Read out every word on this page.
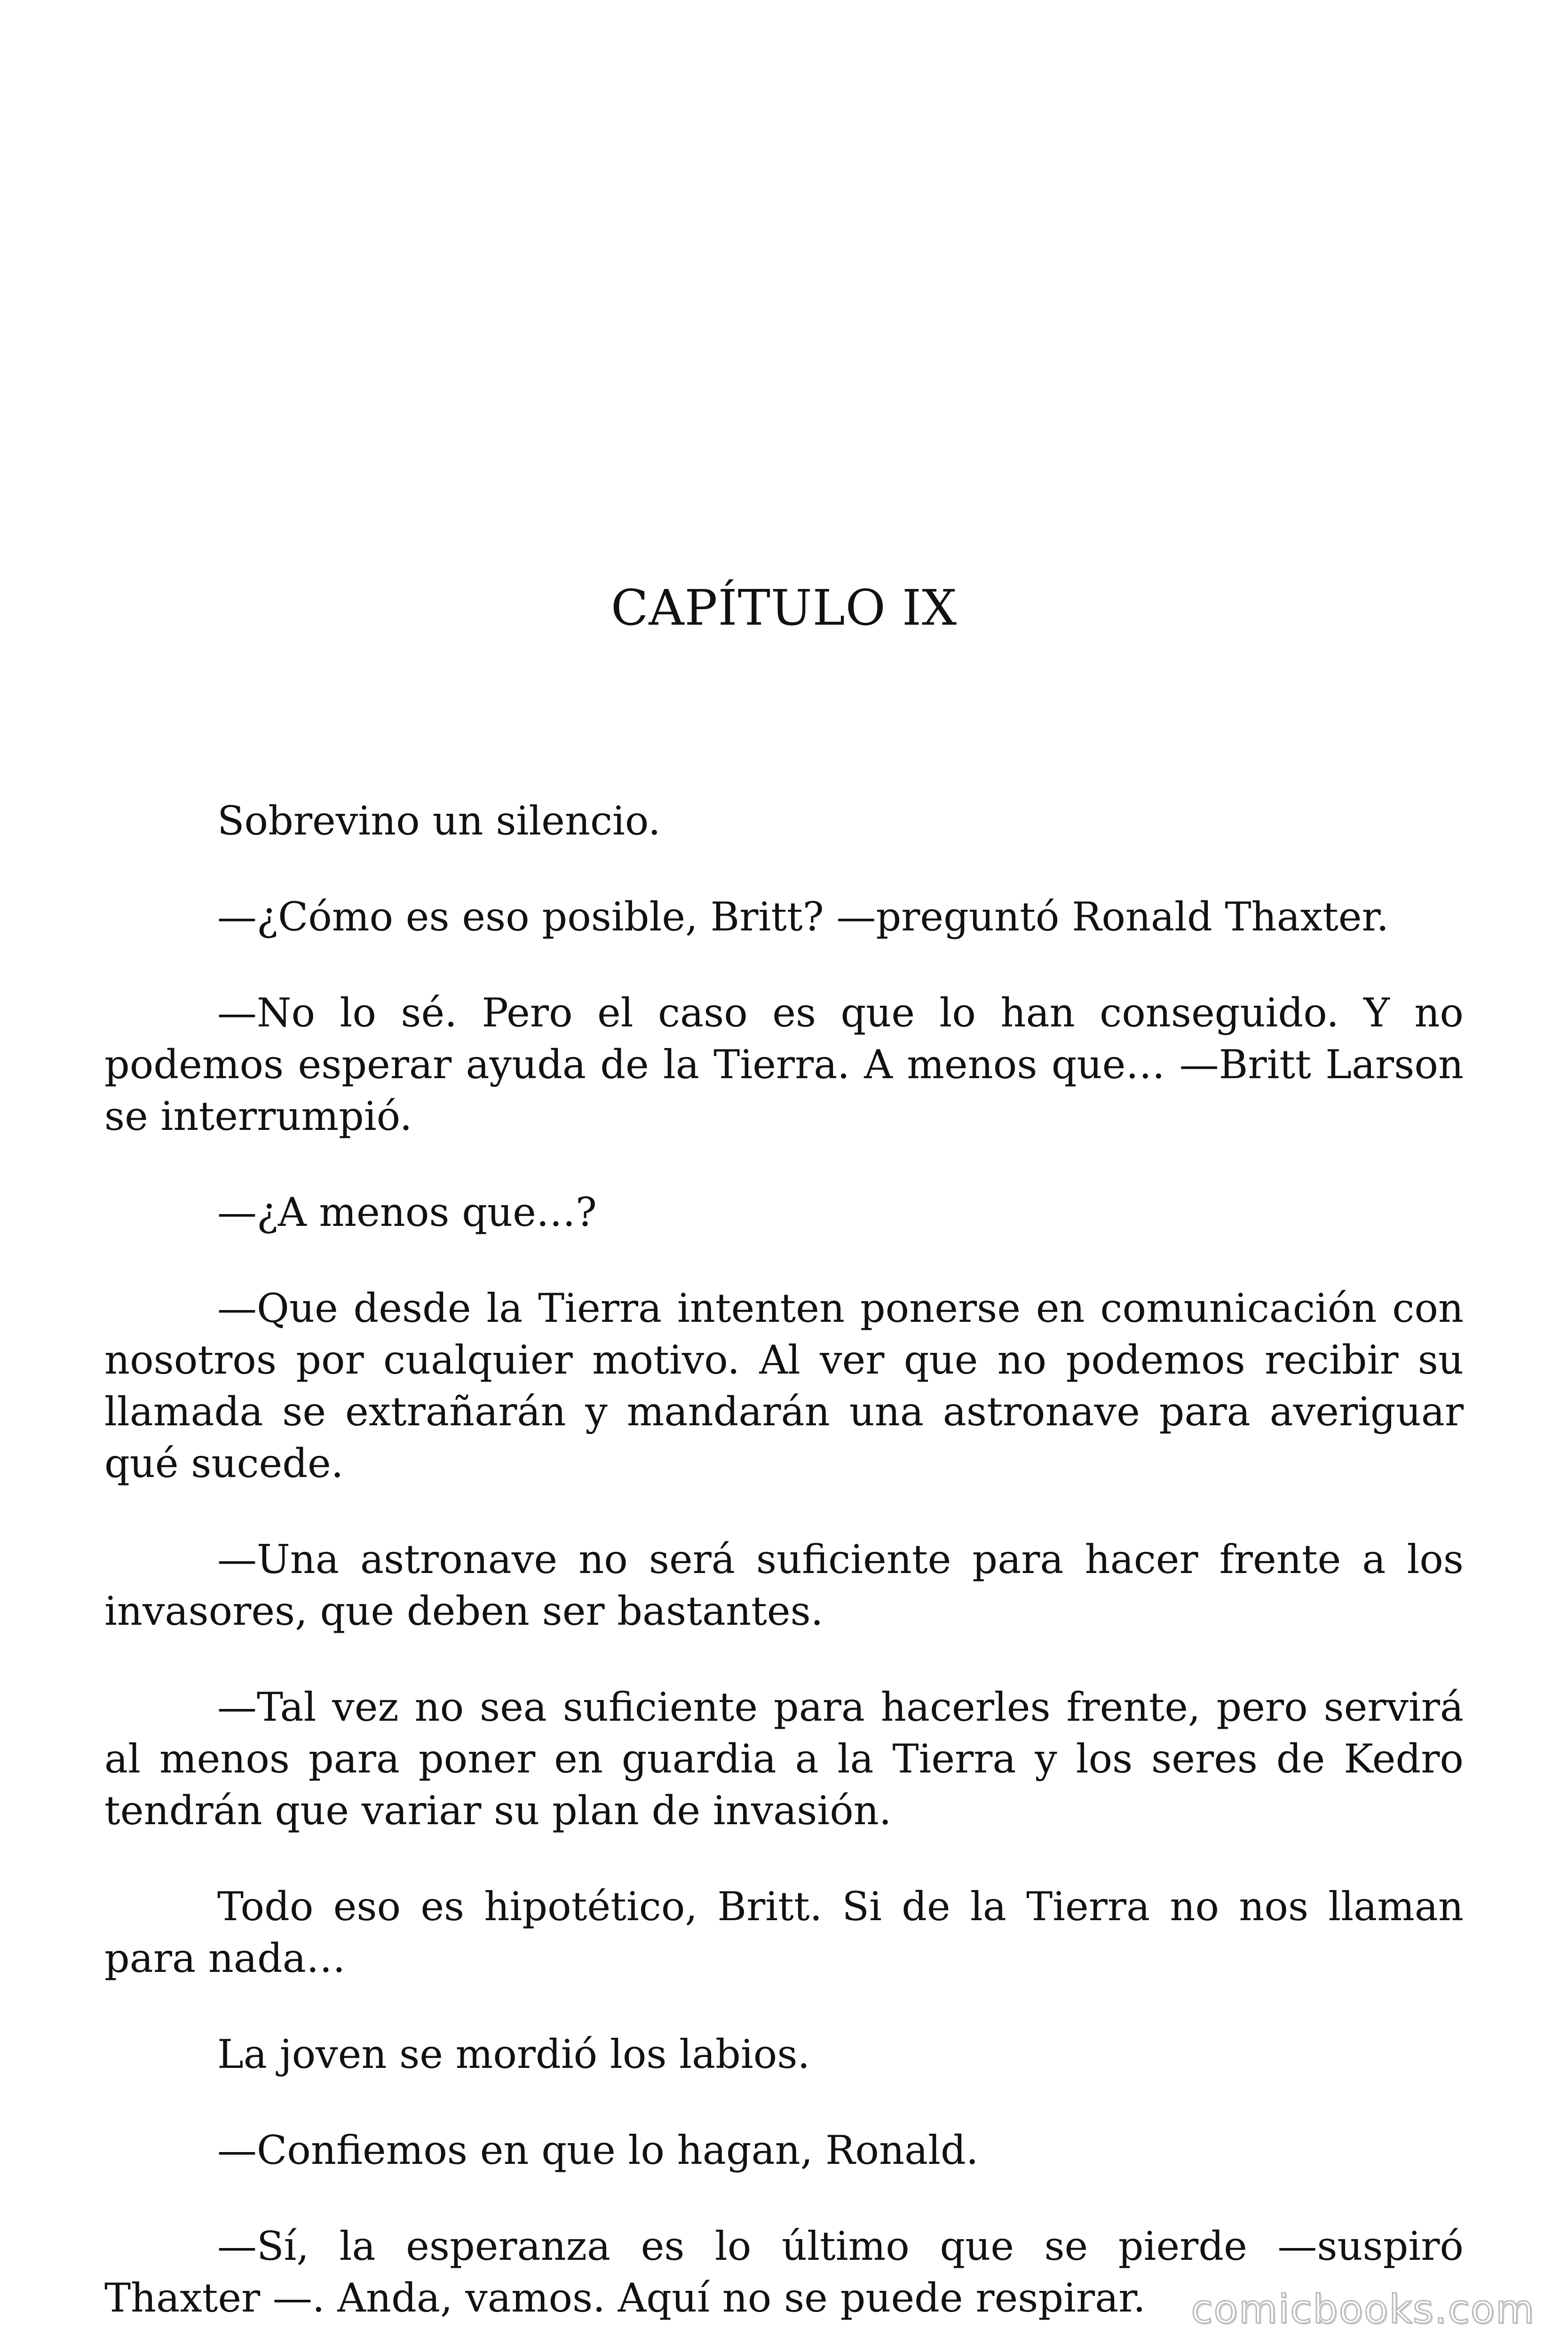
CAPÍTULO IX

Sobrevino un silencio.

—¿Cómo es eso posible, Britt? —preguntó Ronald Thaxter.

—No lo sé. Pero el caso es que lo han conseguido. Y no podemos esperar ayuda de la Tierra. A menos que… —Britt Larson se interrumpió.

—¿A menos que…?

—Que desde la Tierra intenten ponerse en comunicación con nosotros por cualquier motivo. Al ver que no podemos recibir su llamada se extrañarán y mandarán una astronave para averiguar qué sucede.

—Una astronave no será suficiente para hacer frente a los invasores, que deben ser bastantes.

—Tal vez no sea suficiente para hacerles frente, pero servirá al menos para poner en guardia a la Tierra y los seres de Kedro tendrán que variar su plan de invasión.

Todo eso es hipotético, Britt. Si de la Tierra no nos llaman para nada…

La joven se mordió los labios.

—Confiemos en que lo hagan, Ronald.

—Sí, la esperanza es lo último que se pierde —suspiró Thaxter —. Anda, vamos. Aquí no se puede respirar.	comicbooks.com
